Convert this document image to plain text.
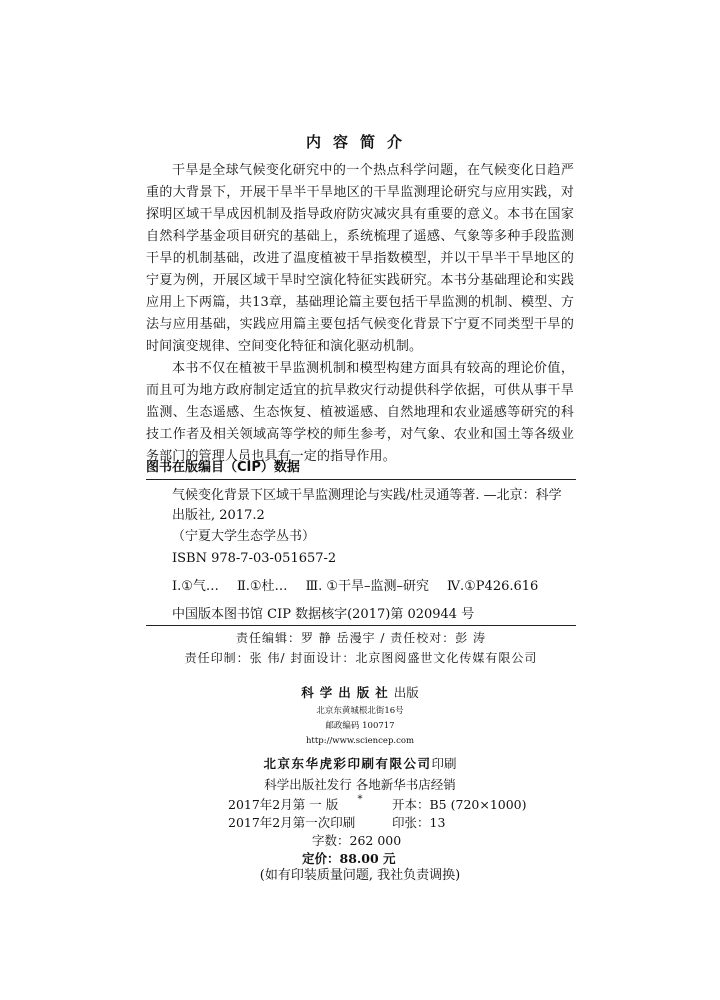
内容简介

干旱是全球气候变化研究中的一个热点科学问题，在气候变化日趋严重的大背景下，开展干旱半干旱地区的干旱监测理论研究与应用实践，对探明区域干旱成因机制及指导政府防灾减灾具有重要的意义。本书在国家自然科学基金项目研究的基础上，系统梳理了遥感、气象等多种手段监测干旱的机制基础，改进了温度植被干旱指数模型，并以干旱半干旱地区的宁夏为例，开展区域干旱时空演化特征实践研究。本书分基础理论和实践应用上下两篇，共13章，基础理论篇主要包括干旱监测的机制、模型、方法与应用基础，实践应用篇主要包括气候变化背景下宁夏不同类型干旱的时间演变规律、空间变化特征和演化驱动机制。

本书不仅在植被干旱监测机制和模型构建方面具有较高的理论价值，而且可为地方政府制定适宜的抗旱救灾行动提供科学依据，可供从事干旱监测、生态遥感、生态恢复、植被遥感、自然地理和农业遥感等研究的科技工作者及相关领域高等学校的师生参考，对气象、农业和国土等各级业务部门的管理人员也具有一定的指导作用。

图书在版编目（CIP）数据

气候变化背景下区域干旱监测理论与实践/杜灵通等著. —北京：科学出版社, 2017.2

（宁夏大学生态学丛书）

ISBN 978-7-03-051657-2

Ⅰ.①气… Ⅱ.①杜… Ⅲ. ①干旱–监测–研究 Ⅳ.①P426.616

中国版本图书馆 CIP 数据核字(2017)第 020944 号

责任编辑：罗 静 岳漫宇 / 责任校对：彭 涛

责任印制：张 伟/ 封面设计：北京图阅盛世文化传媒有限公司

科学出版社出版

北京东黄城根北街16号

邮政编码 100717

http://www.sciencep.com

北京东华虎彩印刷有限公司印刷

科学出版社发行 各地新华书店经销

*

2017年2月第 一 版	开本：B5 (720×1000)

2017年2月第一次印刷	印张：13

字数：262 000

定价：88.00 元

(如有印装质量问题, 我社负责调换)
